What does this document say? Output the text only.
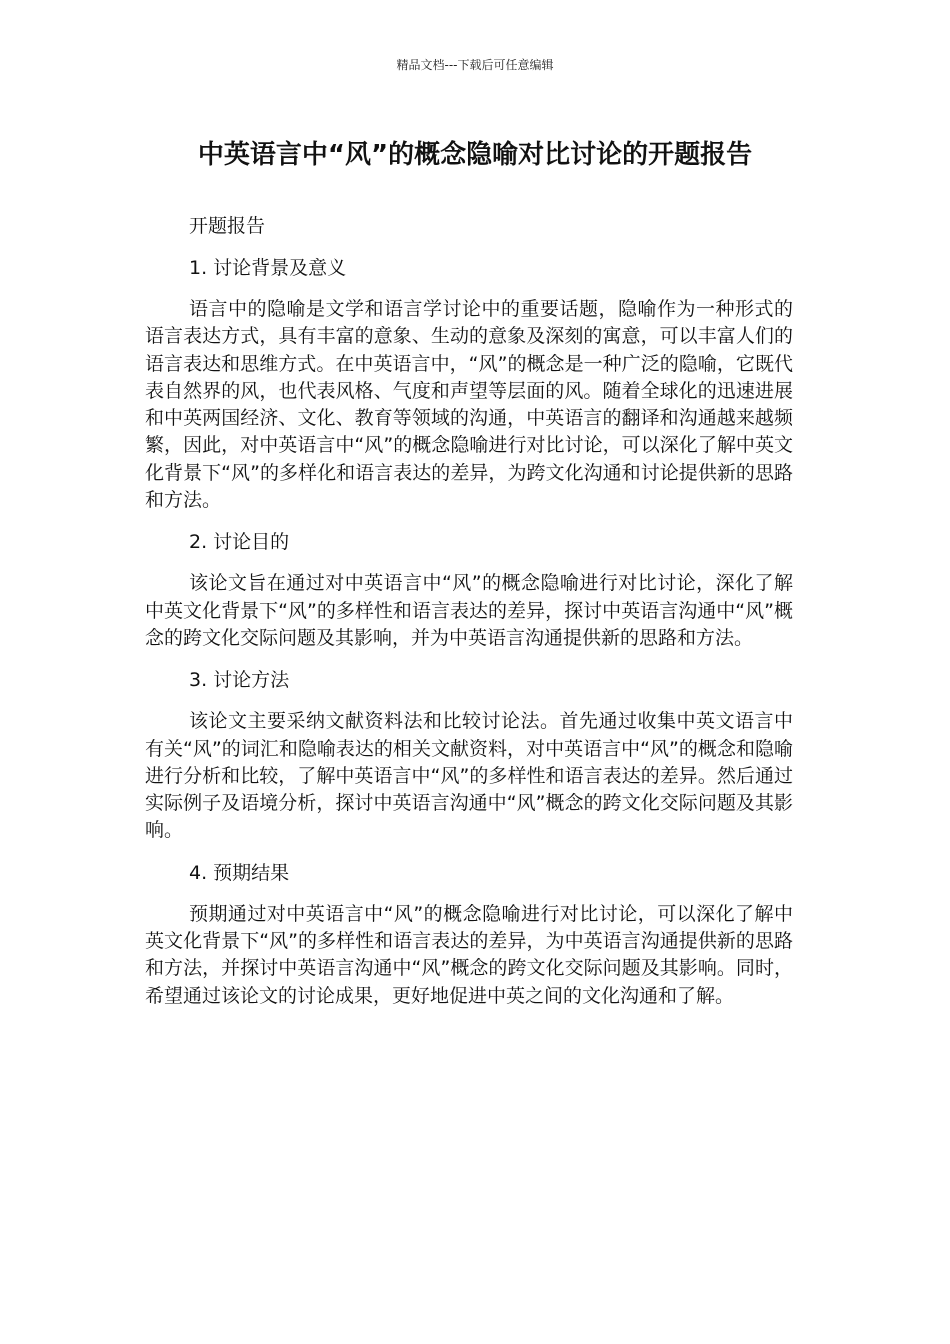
精品文档---下载后可任意编辑
中英语言中“风”的概念隐喻对比讨论的开题报告
开题报告
1. 讨论背景及意义

语言中的隐喻是文学和语言学讨论中的重要话题，隐喻作为一种形式的语言表达方式，具有丰富的意象、生动的意象及深刻的寓意，可以丰富人们的语言表达和思维方式。在中英语言中，“风”的概念是一种广泛的隐喻，它既代表自然界的风，也代表风格、气度和声望等层面的风。随着全球化的迅速进展和中英两国经济、文化、教育等领域的沟通，中英语言的翻译和沟通越来越频繁，因此，对中英语言中“风”的概念隐喻进行对比讨论，可以深化了解中英文化背景下“风”的多样化和语言表达的差异，为跨文化沟通和讨论提供新的思路和方法。

2. 讨论目的

该论文旨在通过对中英语言中“风”的概念隐喻进行对比讨论，深化了解中英文化背景下“风”的多样性和语言表达的差异，探讨中英语言沟通中“风”概念的跨文化交际问题及其影响，并为中英语言沟通提供新的思路和方法。

3. 讨论方法

该论文主要采纳文献资料法和比较讨论法。首先通过收集中英文语言中有关“风”的词汇和隐喻表达的相关文献资料，对中英语言中“风”的概念和隐喻进行分析和比较，了解中英语言中“风”的多样性和语言表达的差异。然后通过实际例子及语境分析，探讨中英语言沟通中“风”概念的跨文化交际问题及其影响。

4. 预期结果

预期通过对中英语言中“风”的概念隐喻进行对比讨论，可以深化了解中英文化背景下“风”的多样性和语言表达的差异，为中英语言沟通提供新的思路和方法，并探讨中英语言沟通中“风”概念的跨文化交际问题及其影响。同时，希望通过该论文的讨论成果，更好地促进中英之间的文化沟通和了解。
